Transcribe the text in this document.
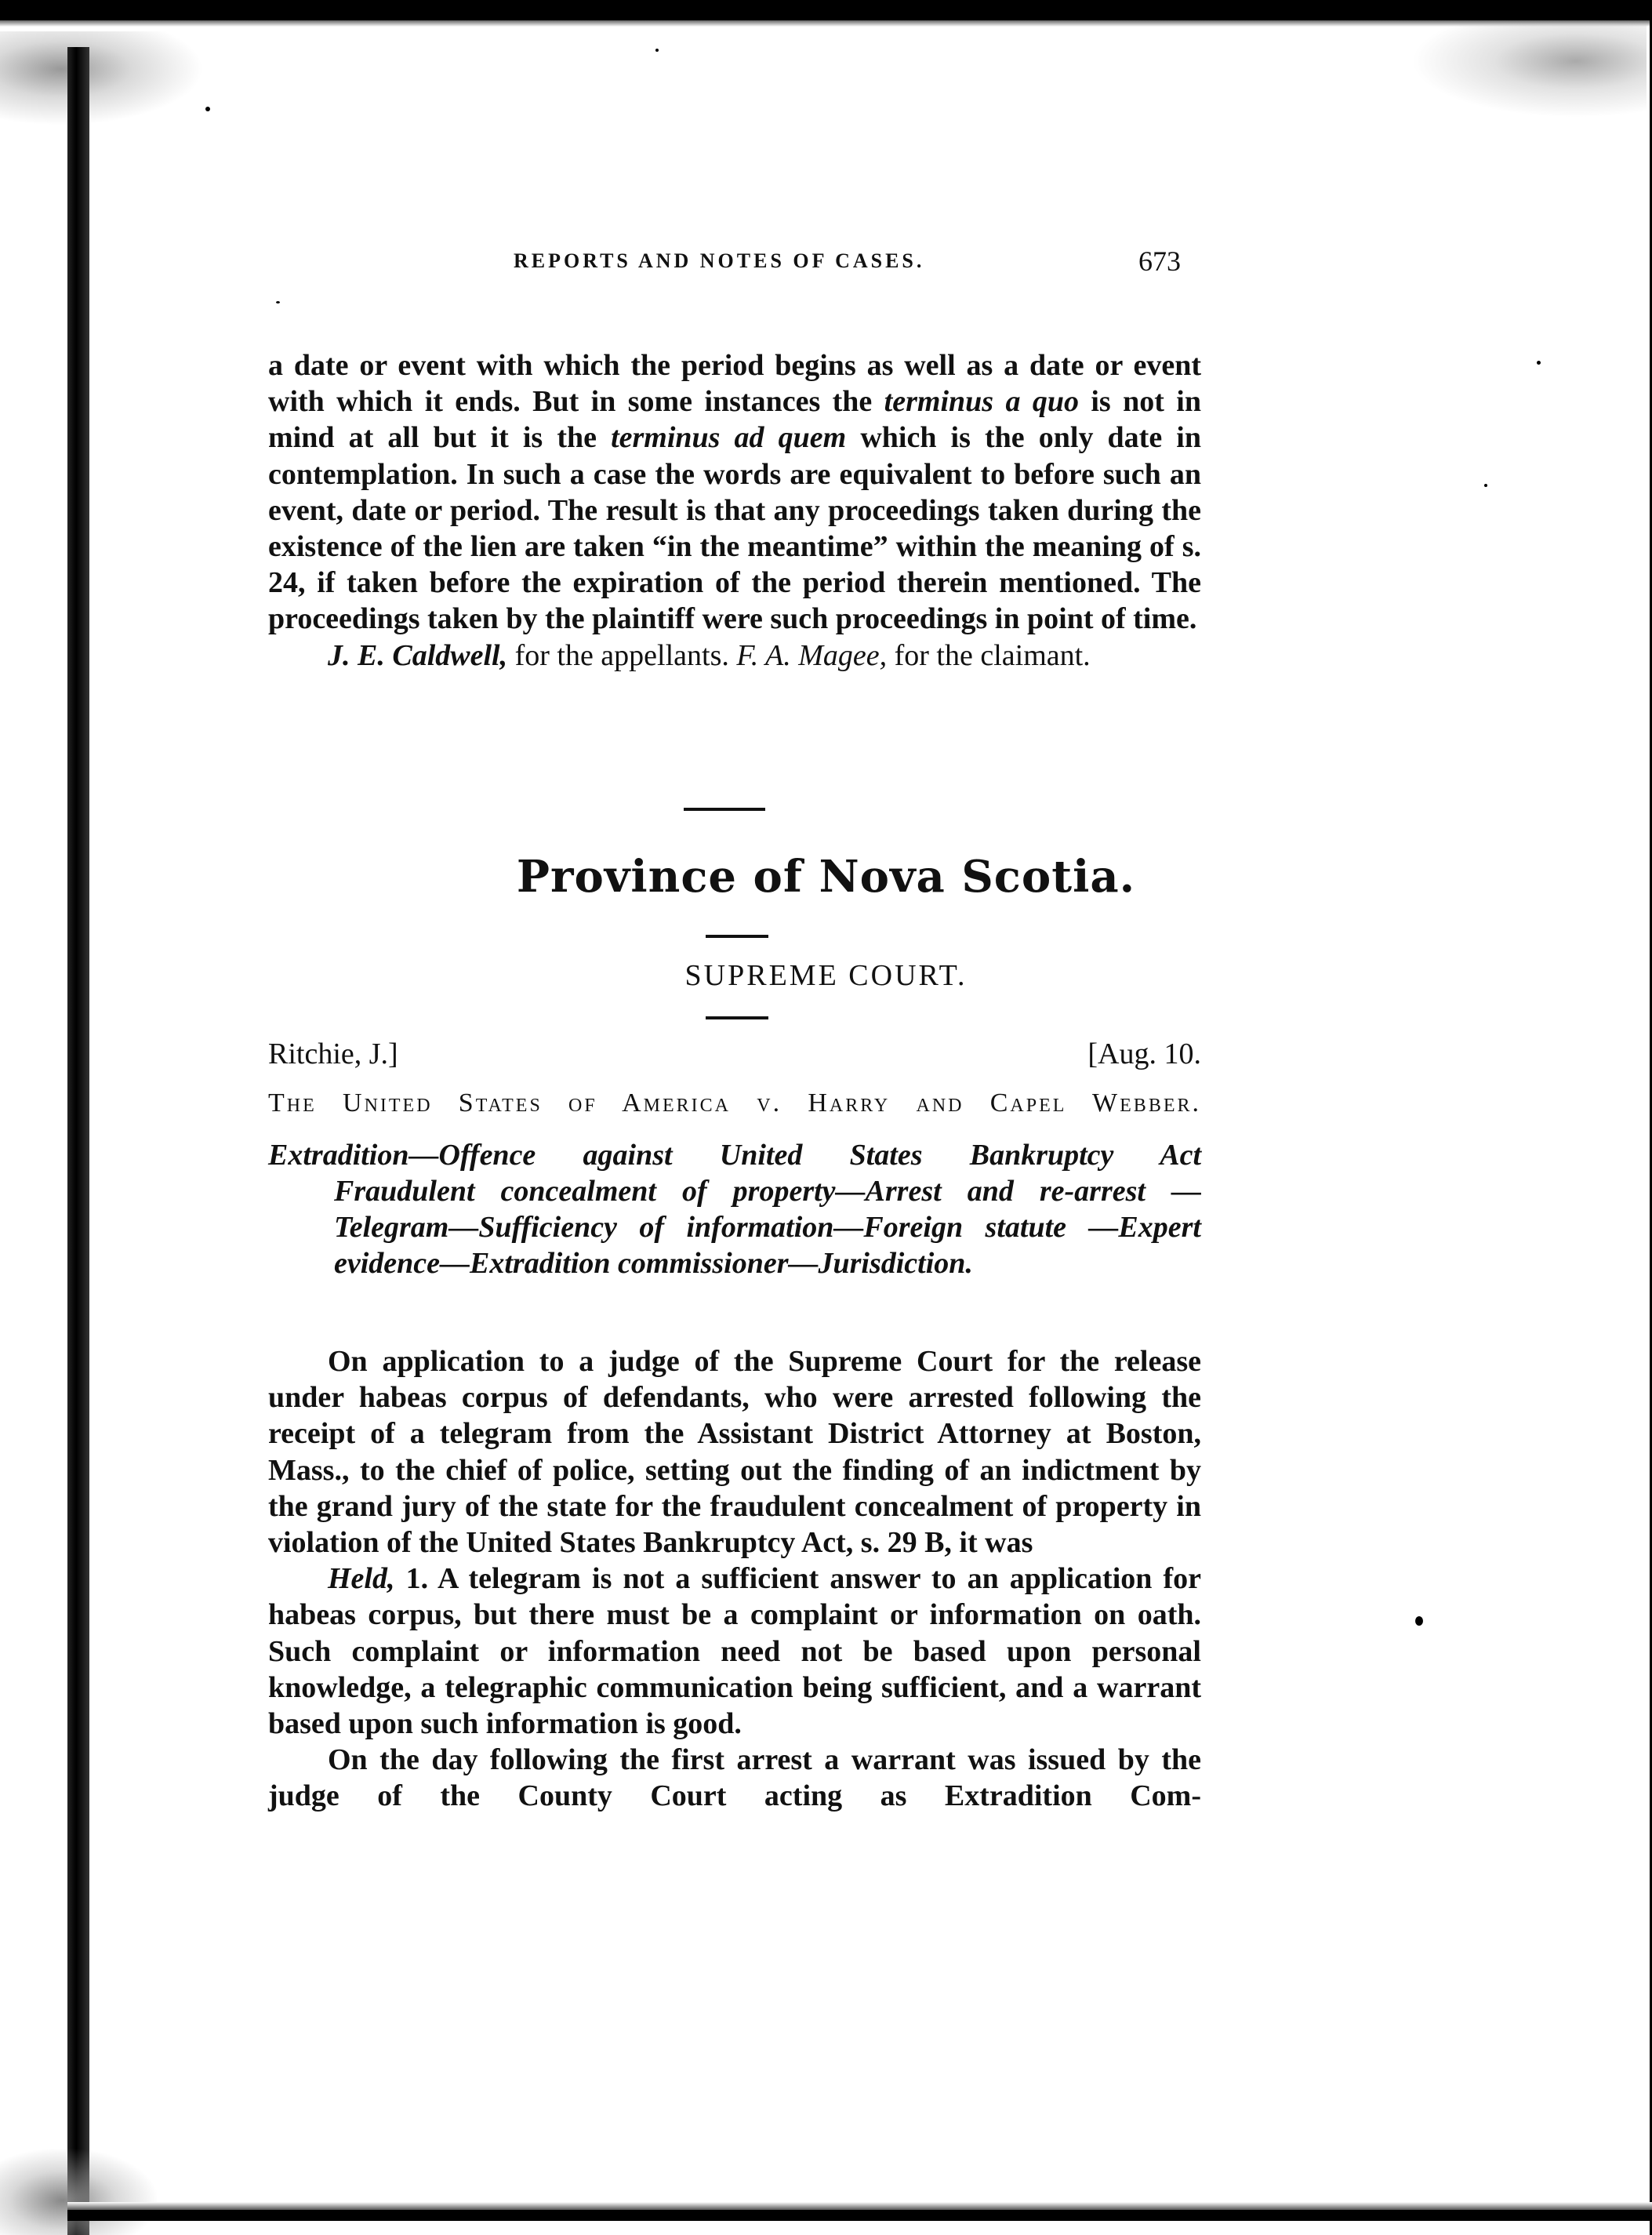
REPORTS AND NOTES OF CASES.	673

a date or event with which the period begins as well as a date or event with which it ends. But in some instances the terminus a quo is not in mind at all but it is the terminus ad quem which is the only date in contemplation. In such a case the words are equivalent to before such an event, date or period. The result is that any proceedings taken during the existence of the lien are taken “in the meantime” within the meaning of s. 24, if taken before the expiration of the period therein mentioned. The proceedings taken by the plaintiff were such proceedings in point of time.

J. E. Caldwell, for the appellants. F. A. Magee, for the claimant.

Province of Nova Scotia.
SUPREME COURT.
Ritchie, J.]	[Aug. 10.
The United States of America v. Harry and Capel Webber.
Extradition—Offence against United States Bankruptcy Act
Fraudulent concealment of property—Arrest and re-arrest —Telegram—Sufficiency of information—Foreign statute —Expert evidence—Extradition commissioner—Jurisdiction.

On application to a judge of the Supreme Court for the release under habeas corpus of defendants, who were arrested following the receipt of a telegram from the Assistant District Attorney at Boston, Mass., to the chief of police, setting out the finding of an indictment by the grand jury of the state for the fraudulent concealment of property in violation of the United States Bankruptcy Act, s. 29 B, it was

Held, 1. A telegram is not a sufficient answer to an application for habeas corpus, but there must be a complaint or information on oath. Such complaint or information need not be based upon personal knowledge, a telegraphic communication being sufficient, and a warrant based upon such information is good.

On the day following the first arrest a warrant was issued by the judge of the County Court acting as Extradition Com-
